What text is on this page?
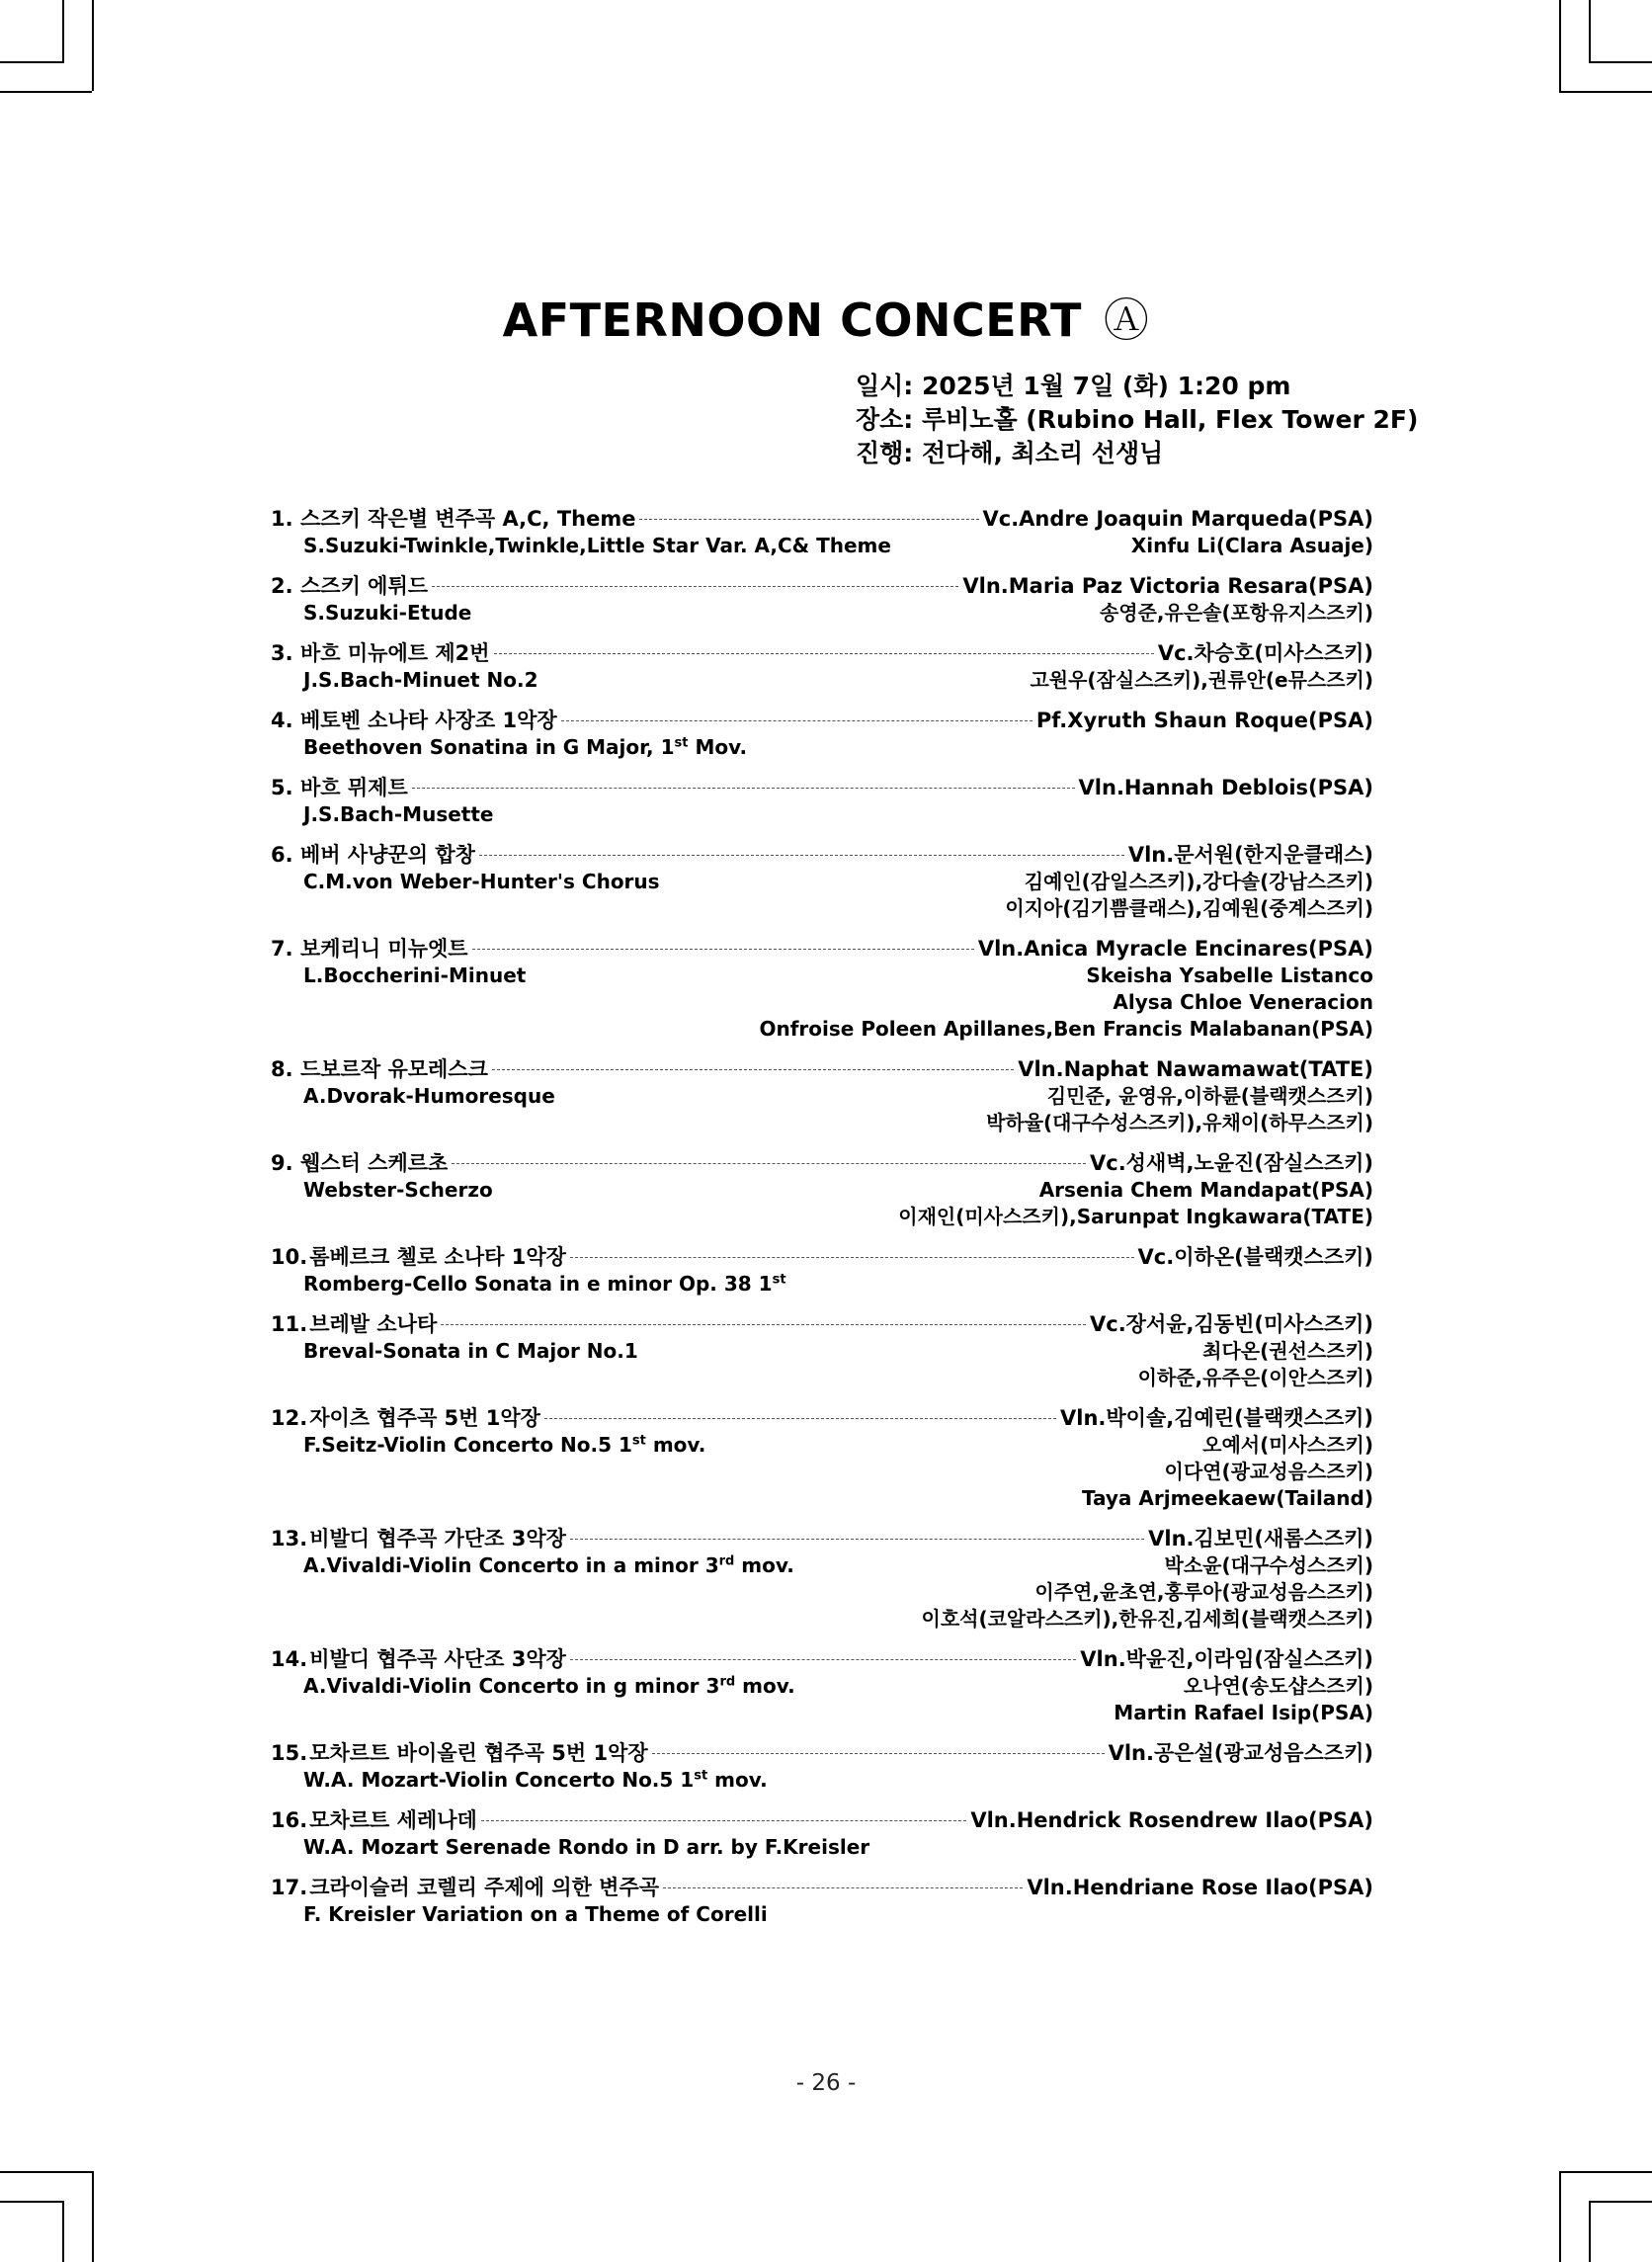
AFTERNOON CONCERT Ⓐ
일시: 2025년 1월 7일 (화) 1:20 pm
장소: 루비노홀 (Rubino Hall, Flex Tower 2F)
진행: 전다해, 최소리 선생님
1. 스즈키 작은별 변주곡 A,C, Theme	Vc.Andre Joaquin Marqueda(PSA)
S.Suzuki-Twinkle,Twinkle,Little Star Var. A,C& Theme	Xinfu Li(Clara Asuaje)
2. 스즈키 에튀드	Vln.Maria Paz Victoria Resara(PSA)
S.Suzuki-Etude	송영준,유은솔(포항유지스즈키)
3. 바흐 미뉴에트 제2번	Vc.차승호(미사스즈키)
J.S.Bach-Minuet No.2	고원우(잠실스즈키),권류안(e뮤스즈키)
4. 베토벤 소나타 사장조 1악장	Pf.Xyruth Shaun Roque(PSA)
Beethoven Sonatina in G Major, 1st Mov.
5. 바흐 뮈제트	Vln.Hannah Deblois(PSA)
J.S.Bach-Musette
6. 베버 사냥꾼의 합창	Vln.문서원(한지운클래스)
C.M.von Weber-Hunter's Chorus	김예인(감일스즈키),강다솔(강남스즈키)
이지아(김기쁨클래스),김예원(중계스즈키)
7. 보케리니 미뉴엣트	Vln.Anica Myracle Encinares(PSA)
L.Boccherini-Minuet	Skeisha Ysabelle Listanco
Alysa Chloe Veneracion
Onfroise Poleen Apillanes,Ben Francis Malabanan(PSA)
8. 드보르작 유모레스크	Vln.Naphat Nawamawat(TATE)
A.Dvorak-Humoresque	김민준, 윤영유,이하륜(블랙캣스즈키)
박하율(대구수성스즈키),유채이(하무스즈키)
9. 웹스터 스케르초	Vc.성새벽,노윤진(잠실스즈키)
Webster-Scherzo	Arsenia Chem Mandapat(PSA)
이재인(미사스즈키),Sarunpat Ingkawara(TATE)
10. 롬베르크 첼로 소나타 1악장	Vc.이하온(블랙캣스즈키)
Romberg-Cello Sonata in e minor Op. 38 1st
11. 브레발 소나타	Vc.장서윤,김동빈(미사스즈키)
Breval-Sonata in C Major No.1	최다온(권선스즈키)
이하준,유주은(이안스즈키)
12. 자이츠 협주곡 5번 1악장	Vln.박이솔,김예린(블랙캣스즈키)
F.Seitz-Violin Concerto No.5 1st mov.	오예서(미사스즈키)
이다연(광교성음스즈키)
Taya Arjmeekaew(Tailand)
13. 비발디 협주곡 가단조 3악장	Vln.김보민(새롬스즈키)
A.Vivaldi-Violin Concerto in a minor 3rd mov.	박소윤(대구수성스즈키)
이주연,윤초연,홍루아(광교성음스즈키)
이호석(코알라스즈키),한유진,김세희(블랙캣스즈키)
14. 비발디 협주곡 사단조 3악장	Vln.박윤진,이라임(잠실스즈키)
A.Vivaldi-Violin Concerto in g minor 3rd mov.	오나연(송도샵스즈키)
Martin Rafael Isip(PSA)
15. 모차르트 바이올린 협주곡 5번 1악장	Vln.공은설(광교성음스즈키)
W.A. Mozart-Violin Concerto No.5 1st mov.
16. 모차르트 세레나데	Vln.Hendrick Rosendrew Ilao(PSA)
W.A. Mozart Serenade Rondo in D arr. by F.Kreisler
17. 크라이슬러 코렐리 주제에 의한 변주곡	Vln.Hendriane Rose Ilao(PSA)
F. Kreisler Variation on a Theme of Corelli
- 26 -
